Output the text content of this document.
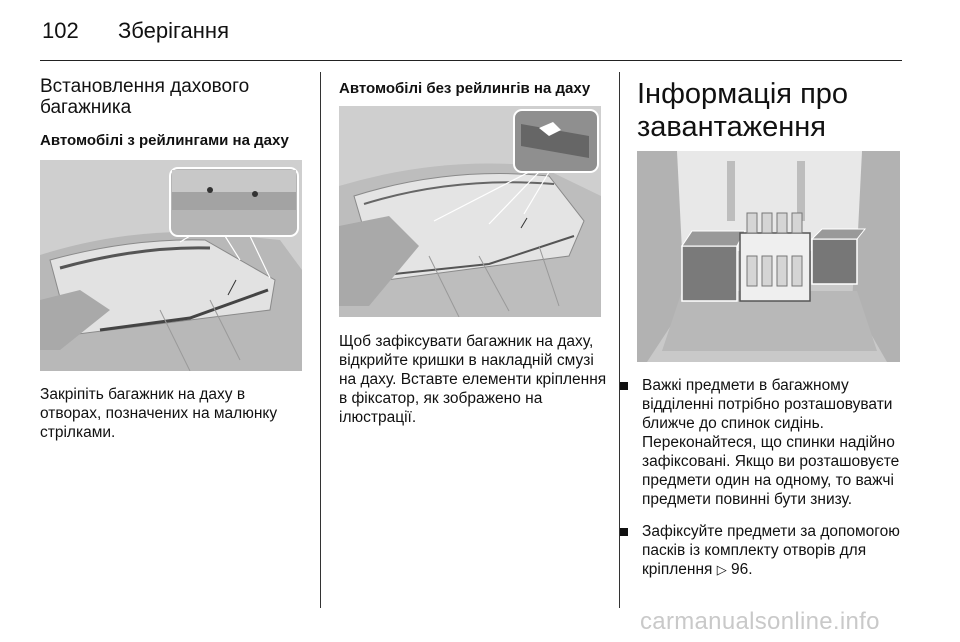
102 Зберігання
Встановлення дахового багажника
Автомобілі з рейлингами на даху
Закріпіть багажник на даху в отворах, позначених на малюнку стрілками.
Автомобілі без рейлингів на даху
Щоб зафіксувати багажник на даху, відкрийте кришки в накладній смузі на даху. Вставте елементи кріплення в фіксатор, як зображено на ілюстрації.
Інформація про завантаження
Важкі предмети в багажному відділенні потрібно розташовувати ближче до спинок сидінь. Переконайтеся, що спинки надійно зафіксовані. Якщо ви розташовуєте предмети один на одному, то важчі предмети повинні бути знизу.
Зафіксуйте предмети за допомогою пасків із комплекту отворів для кріплення ▷ 96.
carmanualsonline.info
